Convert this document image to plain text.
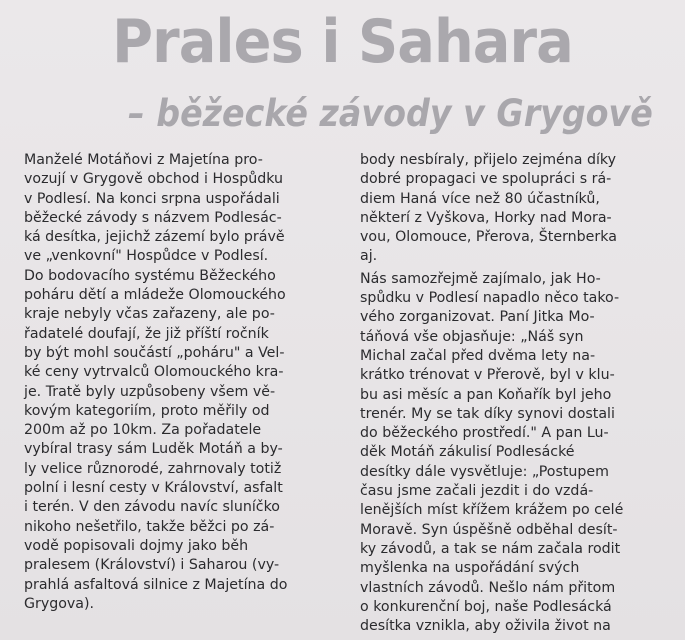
Prales i Sahara
– běžecké závody v Grygově
Manželé Motáňovi z Majetína pro-
vozují v Grygově obchod i Hospůdku
v Podlesí. Na konci srpna uspořádali
běžecké závody s názvem Podlesác-
ká desítka, jejichž zázemí bylo právě
ve „venkovní" Hospůdce v Podlesí.
Do bodovacího systému Běžeckého
poháru dětí a mládeže Olomouckého
kraje nebyly včas zařazeny, ale po-
řadatelé doufají, že již příští ročník
by být mohl součástí „poháru" a Vel-
ké ceny vytrvalců Olomouckého kra-
je. Tratě byly uzpůsobeny všem vě-
kovým kategoriím, proto měřily od
200m až po 10km. Za pořadatele
vybíral trasy sám Luděk Motáň a by-
ly velice různorodé, zahrnovaly totiž
polní i lesní cesty v Království, asfalt
i terén. V den závodu navíc sluníčko
nikoho nešetřilo, takže běžci po zá-
vodě popisovali dojmy jako běh
pralesem (Království) i Saharou (vy-
prahlá asfaltová silnice z Majetína do
Grygova).
body nesbíraly, přijelo zejména díky
dobré propagaci ve spolupráci s rá-
diem Haná více než 80 účastníků,
některí z Vyškova, Horky nad Mora-
vou, Olomouce, Přerova, Šternberka
aj.
Nás samozřejmě zajímalo, jak Ho-
spůdku v Podlesí napadlo něco tako-
vého zorganizovat. Paní Jitka Mo-
táňová vše objasňuje: „Náš syn
Michal začal před dvěma lety na-
krátko trénovat v Přerově, byl v klu-
bu asi měsíc a pan Koňařík byl jeho
trenér. My se tak díky synovi dostali
do běžeckého prostředí." A pan Lu-
děk Motáň zákulisí Podlesácké
desítky dále vysvětluje: „Postupem
času jsme začali jezdit i do vzdá-
lenějších míst křížem krážem po celé
Moravě. Syn úspěšně odběhal desít-
ky závodů, a tak se nám začala rodit
myšlenka na uspořádání svých
vlastních závodů. Nešlo nám přitom
o konkurenční boj, naše Podlesácká
desítka vznikla, aby oživila život na
